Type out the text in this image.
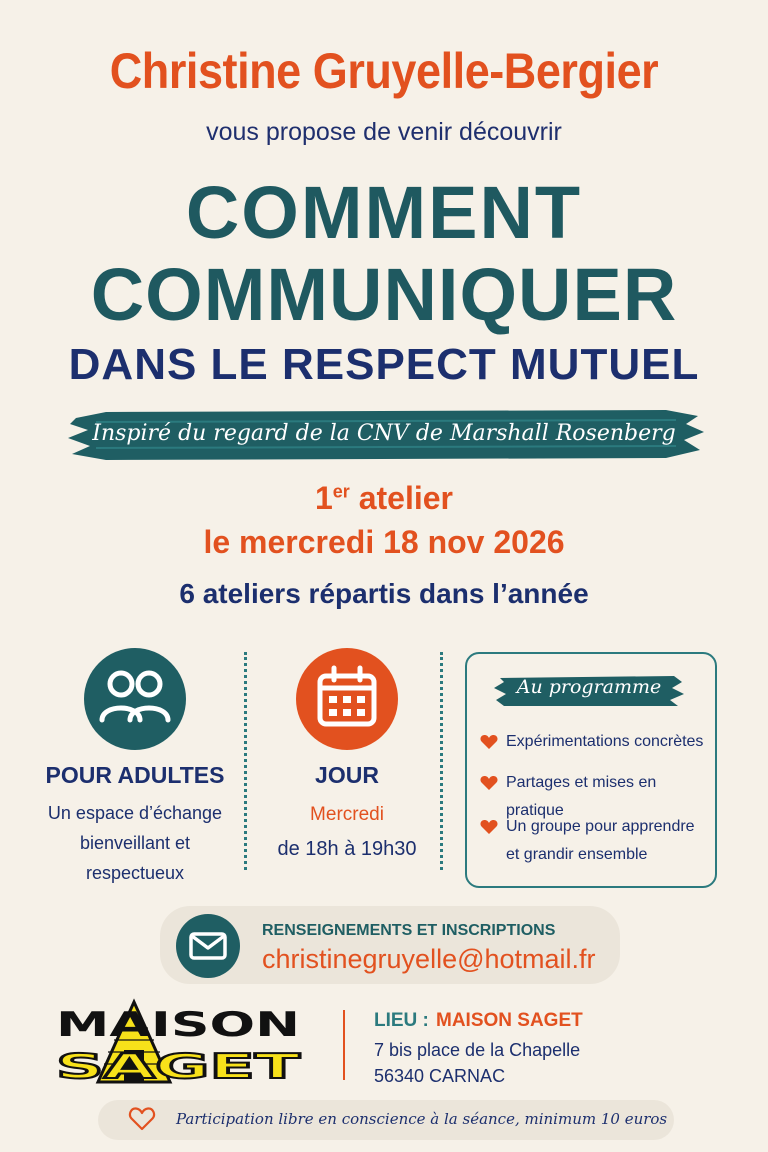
Christine Gruyelle-Bergier
vous propose de venir découvrir
COMMENT
COMMUNIQUER
DANS LE RESPECT MUTUEL
Inspiré du regard de la CNV de Marshall Rosenberg
1er atelier
le mercredi 18 nov 2026
6 ateliers répartis dans l’année
POUR ADULTES
Un espace d’échange
bienveillant et
respectueux
JOUR
Mercredi
de 18h à 19h30
Au programme
Expérimentations concrètes
Partages et mises en pratique
Un groupe pour apprendre
et grandir ensemble
RENSEIGNEMENTS ET INSCRIPTIONS
christinegruyelle@hotmail.fr
MAISON
SAGET
LIEU : MAISON SAGET
7 bis place de la Chapelle
56340 CARNAC
Participation libre en conscience à la séance, minimum 10 euros
